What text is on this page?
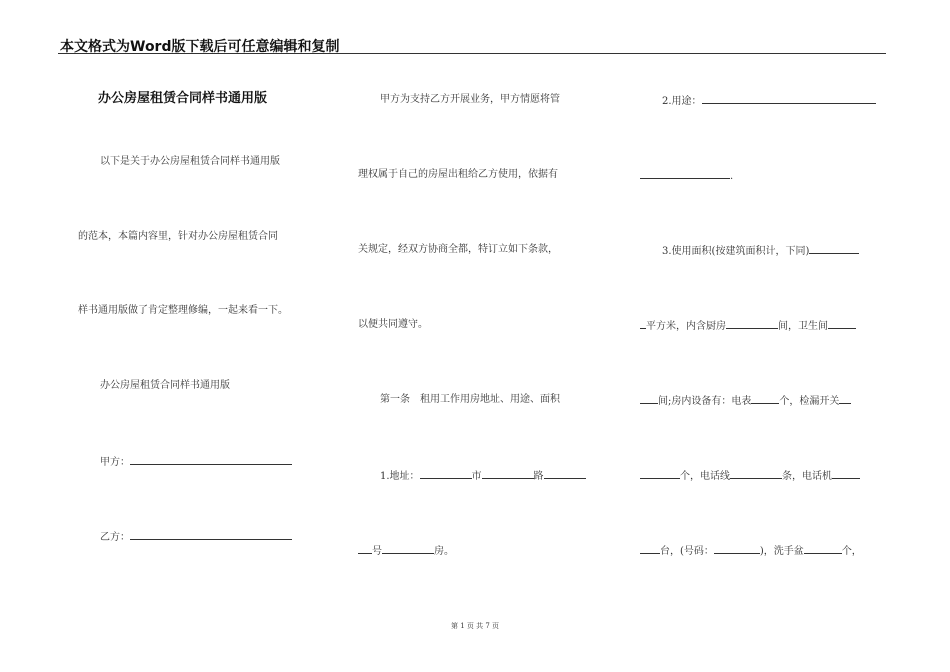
本文格式为Word版下载后可任意编辑和复制
办公房屋租赁合同样书通用版
以下是关于办公房屋租赁合同样书通用版
的范本，本篇内容里，针对办公房屋租赁合同
样书通用版做了肯定整理修编，一起来看一下。
办公房屋租赁合同样书通用版
甲方：
乙方：
甲方为支持乙方开展业务，甲方情愿将管
理权属于自己的房屋出租给乙方使用，依据有
关规定，经双方协商全都，特订立如下条款，
以便共同遵守。
第一条　租用工作用房地址、用途、面积
1.地址：	市	路
号	房。
2.用途：
.
3.使用面积(按建筑面积计，下同)
平方米，内含厨房	间，卫生间
间;房内设备有：电表	个，检漏开关
个，电话线	条，电话机
台，(号码：	)，洗手盆	个，
第 1 页 共 7 页
